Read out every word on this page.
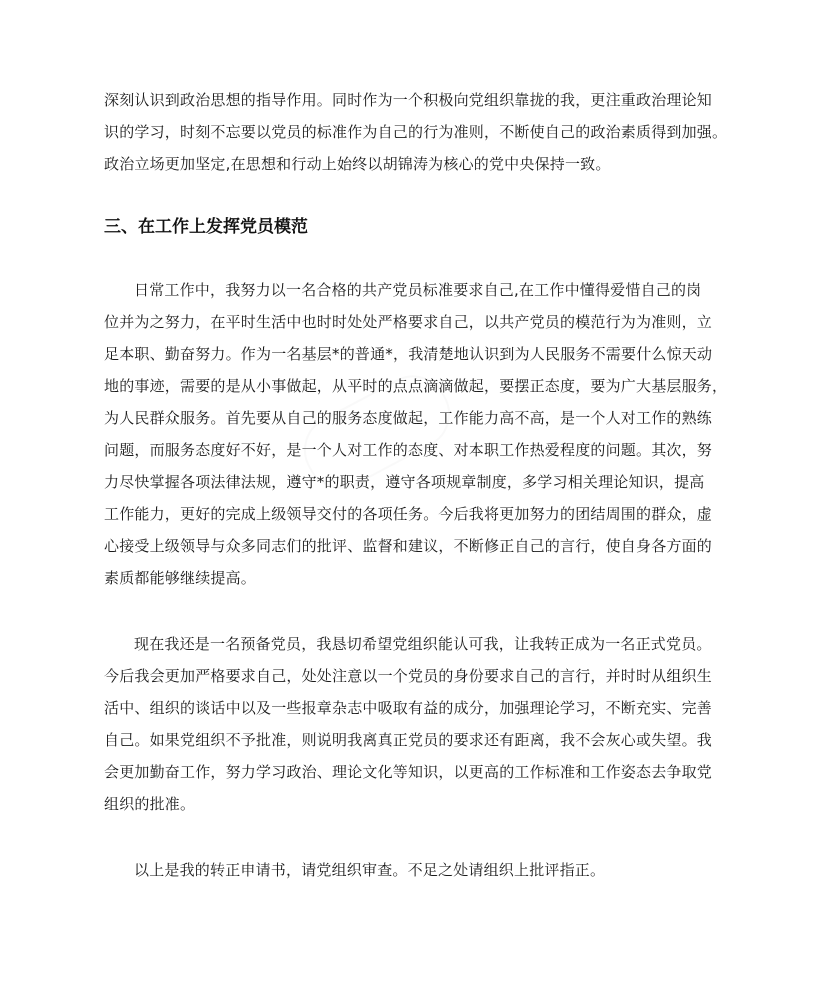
深刻认识到政治思想的指导作用。同时作为一个积极向党组织靠拢的我，更注重政治理论知
识的学习，时刻不忘要以党员的标准作为自己的行为准则，不断使自己的政治素质得到加强。
政治立场更加坚定,在思想和行动上始终以胡锦涛为核心的党中央保持一致。
三、在工作上发挥党员模范
日常工作中，我努力以一名合格的共产党员标准要求自己,在工作中懂得爱惜自己的岗
位并为之努力，在平时生活中也时时处处严格要求自己，以共产党员的模范行为为准则，立
足本职、勤奋努力。作为一名基层*的普通*，我清楚地认识到为人民服务不需要什么惊天动
地的事迹，需要的是从小事做起，从平时的点点滴滴做起，要摆正态度，要为广大基层服务，
为人民群众服务。首先要从自己的服务态度做起，工作能力高不高，是一个人对工作的熟练
问题，而服务态度好不好，是一个人对工作的态度、对本职工作热爱程度的问题。其次，努
力尽快掌握各项法律法规，遵守*的职责，遵守各项规章制度，多学习相关理论知识，提高
工作能力，更好的完成上级领导交付的各项任务。今后我将更加努力的团结周围的群众，虚
心接受上级领导与众多同志们的批评、监督和建议，不断修正自己的言行，使自身各方面的
素质都能够继续提高。
现在我还是一名预备党员，我恳切希望党组织能认可我，让我转正成为一名正式党员。
今后我会更加严格要求自己，处处注意以一个党员的身份要求自己的言行，并时时从组织生
活中、组织的谈话中以及一些报章杂志中吸取有益的成分，加强理论学习，不断充实、完善
自己。如果党组织不予批准，则说明我离真正党员的要求还有距离，我不会灰心或失望。我
会更加勤奋工作，努力学习政治、理论文化等知识，以更高的工作标准和工作姿态去争取党
组织的批准。
以上是我的转正申请书，请党组织审查。不足之处请组织上批评指正。
